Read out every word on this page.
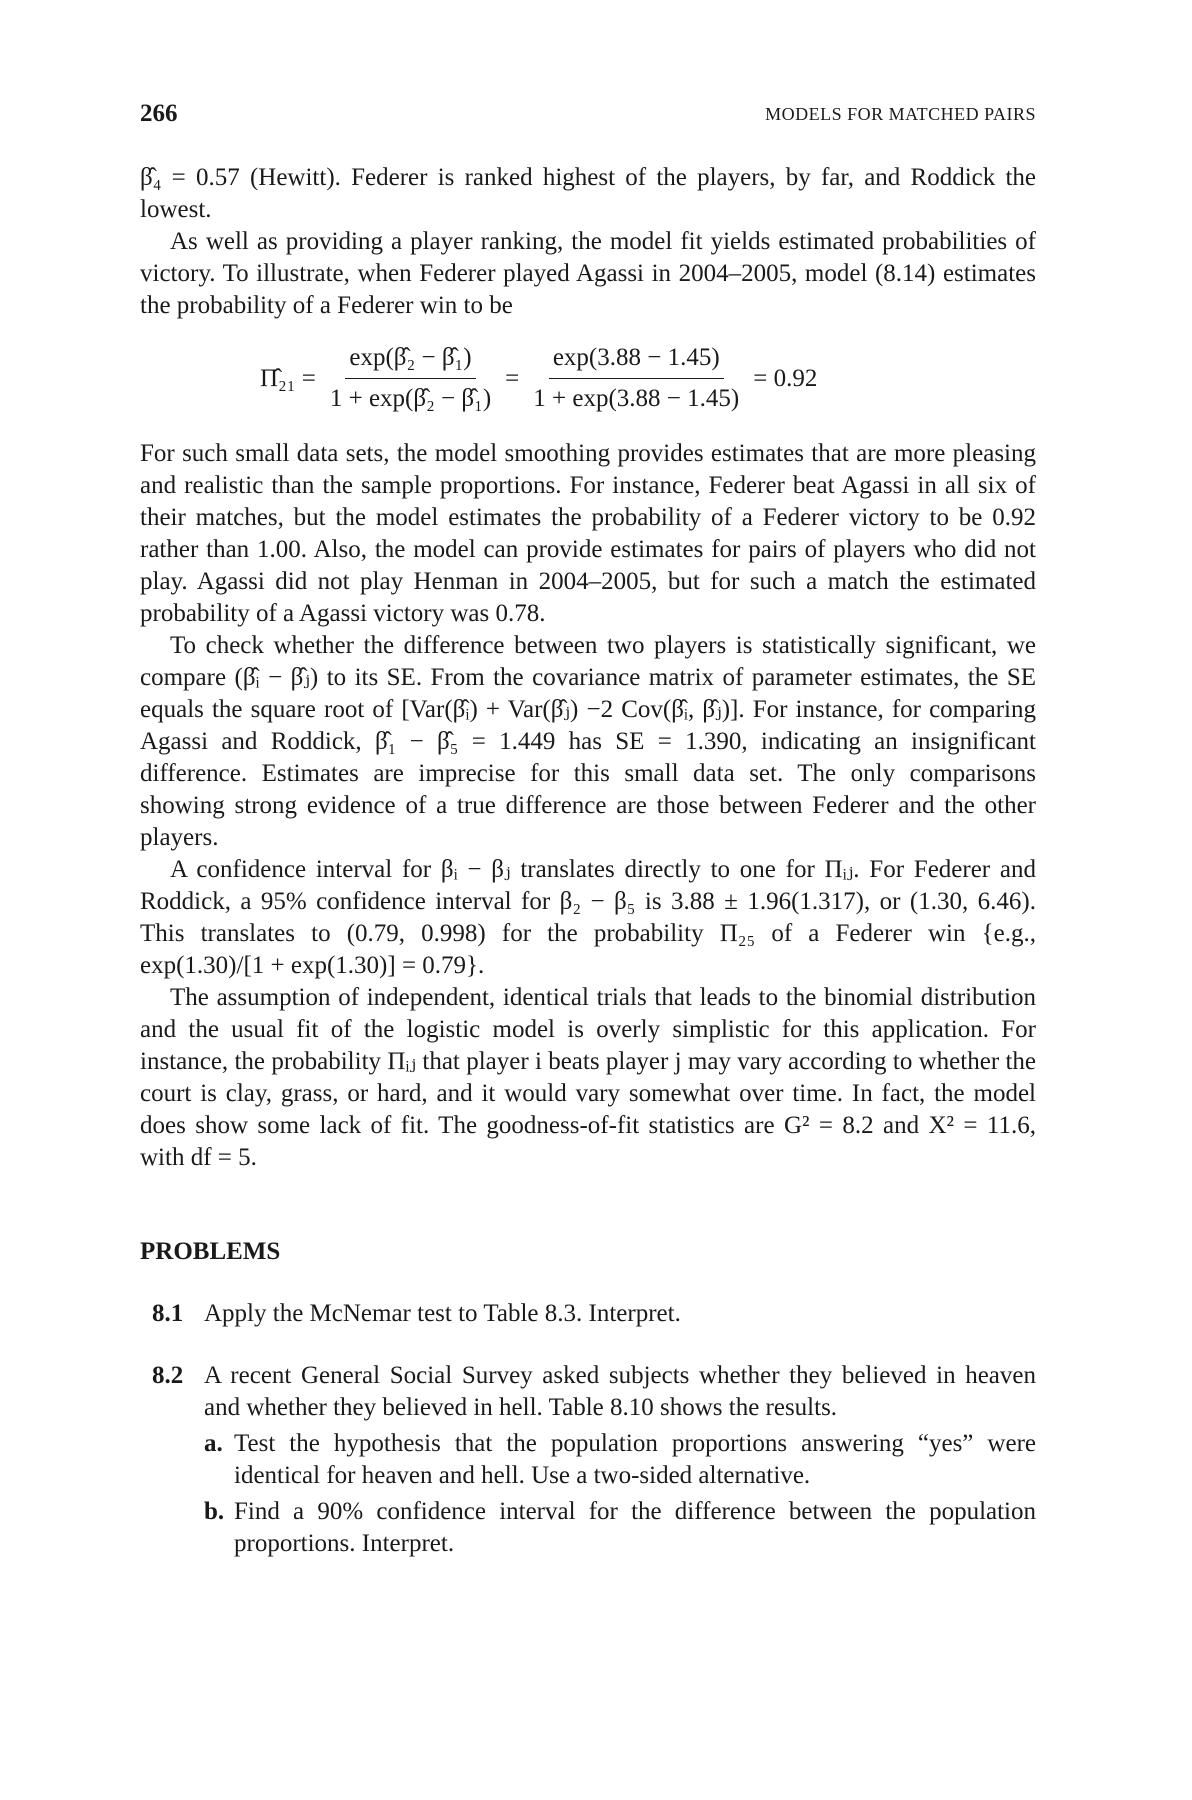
266	MODELS FOR MATCHED PAIRS

β̂₄ = 0.57 (Hewitt). Federer is ranked highest of the players, by far, and Roddick the lowest.

As well as providing a player ranking, the model fit yields estimated probabilities of victory. To illustrate, when Federer played Agassi in 2004–2005, model (8.14) estimates the probability of a Federer win to be

Π̂₂₁ = $\frac{\text{exp(β̂₂ − β̂₁)}}{\text{1 + exp(β̂₂ − β̂₁)}} = \frac{\exp(3.88 - 1.45)}{1 + \exp(3.88 - 1.45)} = 0.92$

For such small data sets, the model smoothing provides estimates that are more pleasing and realistic than the sample proportions. For instance, Federer beat Agassi in all six of their matches, but the model estimates the probability of a Federer victory to be 0.92 rather than 1.00. Also, the model can provide estimates for pairs of players who did not play. Agassi did not play Henman in 2004–2005, but for such a match the estimated probability of a Agassi victory was 0.78.

To check whether the difference between two players is statistically significant, we compare (β̂ᵢ − β̂ⱼ) to its SE. From the covariance matrix of parameter estimates, the SE equals the square root of [Var(β̂ᵢ) + Var(β̂ⱼ) −2 Cov(β̂ᵢ, β̂ⱼ)]. For instance, for comparing Agassi and Roddick, β̂₁ − β̂₅ = 1.449 has SE = 1.390, indicating an insignificant difference. Estimates are imprecise for this small data set. The only comparisons showing strong evidence of a true difference are those between Federer and the other players.

A confidence interval for βᵢ − βⱼ translates directly to one for Πᵢⱼ. For Federer and Roddick, a 95% confidence interval for β₂ − β₅ is 3.88 ± 1.96(1.317), or (1.30, 6.46). This translates to (0.79, 0.998) for the probability Π₂₅ of a Federer win {e.g., exp(1.30)/[1 + exp(1.30)] = 0.79}.

The assumption of independent, identical trials that leads to the binomial distribution and the usual fit of the logistic model is overly simplistic for this application. For instance, the probability Πᵢⱼ that player i beats player j may vary according to whether the court is clay, grass, or hard, and it would vary somewhat over time. In fact, the model does show some lack of fit. The goodness-of-fit statistics are G² = 8.2 and X² = 11.6, with df = 5.

PROBLEMS
8.1 Apply the McNemar test to Table 8.3. Interpret.
8.2 A recent General Social Survey asked subjects whether they believed in heaven and whether they believed in hell. Table 8.10 shows the results.

a. Test the hypothesis that the population proportions answering “yes” were identical for heaven and hell. Use a two-sided alternative.

b. Find a 90% confidence interval for the difference between the population proportions. Interpret.
